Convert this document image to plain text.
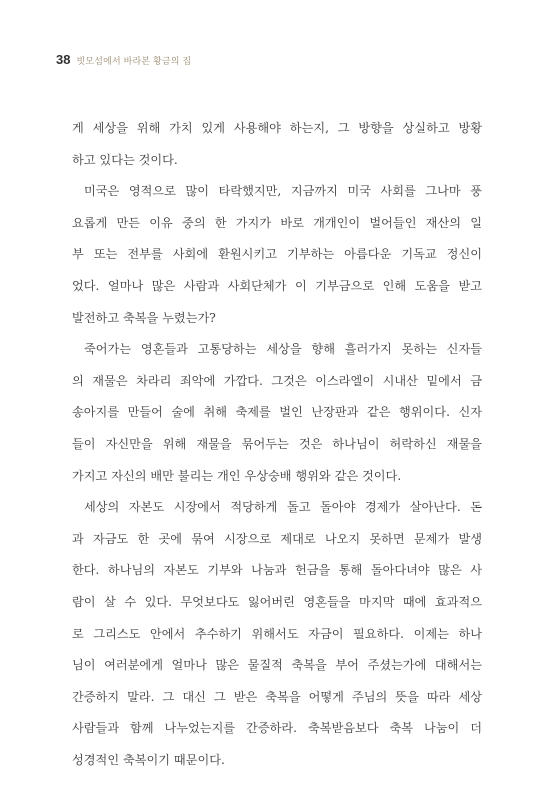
38 빗모섬에서 바라본 황금의 집
게 세상을 위해 가치 있게 사용해야 하는지, 그 방향을 상실하고 방황
하고 있다는 것이다.
미국은 영적으로 많이 타락했지만, 지금까지 미국 사회를 그나마 풍
요롭게 만든 이유 중의 한 가지가 바로 개개인이 벌어들인 재산의 일
부 또는 전부를 사회에 환원시키고 기부하는 아름다운 기독교 정신이
었다. 얼마나 많은 사람과 사회단체가 이 기부금으로 인해 도움을 받고
발전하고 축복을 누렸는가?
죽어가는 영혼들과 고통당하는 세상을 향해 흘러가지 못하는 신자들
의 재물은 차라리 죄악에 가깝다. 그것은 이스라엘이 시내산 밑에서 금
송아지를 만들어 술에 취해 축제를 벌인 난장판과 같은 행위이다. 신자
들이 자신만을 위해 재물을 묶어두는 것은 하나님이 허락하신 재물을
가지고 자신의 배만 불리는 개인 우상숭배 행위와 같은 것이다.
세상의 자본도 시장에서 적당하게 돌고 돌아야 경제가 살아난다. 돈
과 자금도 한 곳에 묶여 시장으로 제대로 나오지 못하면 문제가 발생
한다. 하나님의 자본도 기부와 나눔과 헌금을 통해 돌아다녀야 많은 사
람이 살 수 있다. 무엇보다도 잃어버린 영혼들을 마지막 때에 효과적으
로 그리스도 안에서 추수하기 위해서도 자금이 필요하다. 이제는 하나
님이 여러분에게 얼마나 많은 물질적 축복을 부어 주셨는가에 대해서는
간증하지 말라. 그 대신 그 받은 축복을 어떻게 주님의 뜻을 따라 세상
사람들과 함께 나누었는지를 간증하라. 축복받음보다 축복 나눔이 더
성경적인 축복이기 때문이다.
